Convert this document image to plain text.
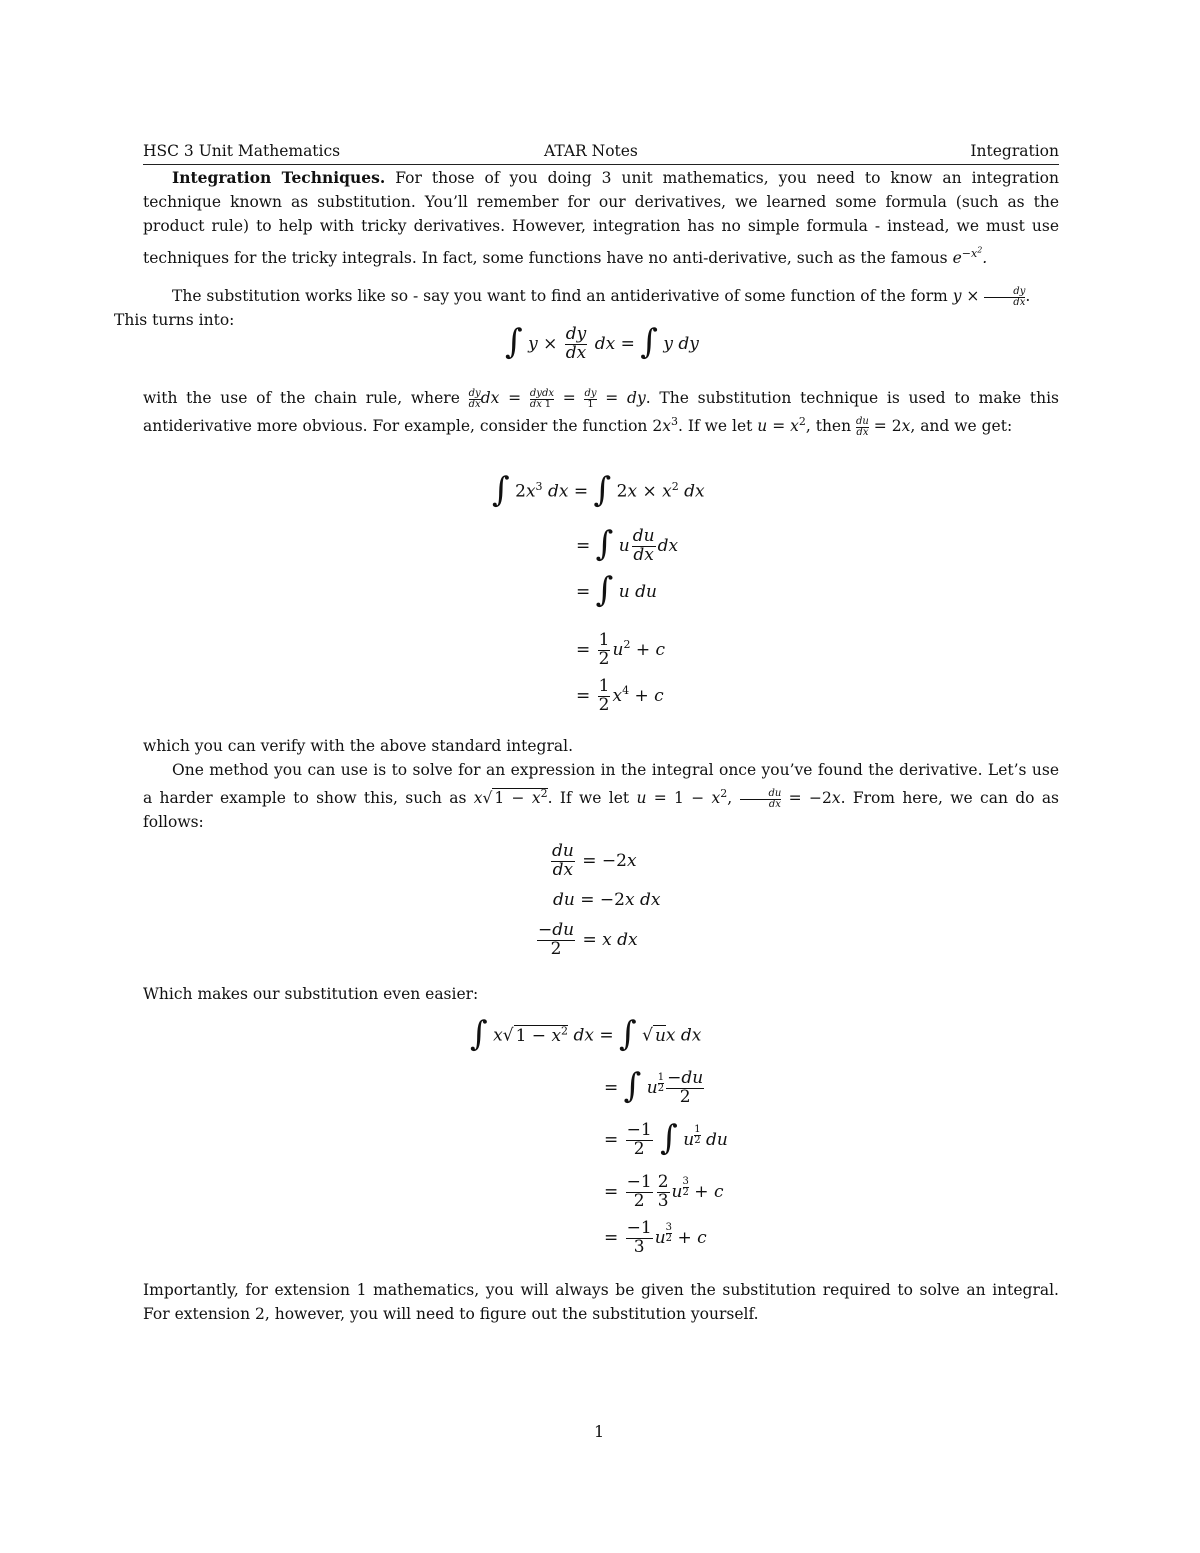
HSC 3 Unit Mathematics	ATAR Notes	Integration

Integration Techniques. For those of you doing 3 unit mathematics, you need to know an integration technique known as substitution. You’ll remember for our derivatives, we learned some formula (such as the product rule) to help with tricky derivatives. However, integration has no simple formula - instead, we must use techniques for the tricky integrals. In fact, some functions have no anti-derivative, such as the famous $e^{-x^2}$.

The substitution works like so - say you want to find an antiderivative of some function of the form $y \times \frac{dy}{dx}$ .
This turns into:

∫ $y \times \frac{dy}{dx}$ dx = ∫ y dy

with the use of the chain rule, where $\frac{dy}{dx}$ dx = $\frac{dy}{dx} \frac{dx}{1} = \frac{dy}{1}$ = dy. The substitution technique is used to make this antiderivative more obvious. For example, consider the function $2x^3$. If we let $u = x^2$, then $\frac{du}{dx} = 2x$, and we get:

∫ $2x^3$ dx = ∫ $2x \times x^2$ dx
= ∫ u $\frac{du}{dx}$ dx
= ∫ u du
= $\frac{1}{2} u^2 + c$
= $\frac{1}{2} x^4 + c$

which you can verify with the above standard integral.

One method you can use is to solve for an expression in the integral once you’ve found the derivative. Let’s use a harder example to show this, such as x√ $1 - x^2$. If we let $u = 1 - x^2$, $\frac{du}{dx} = -2x$. From here, we can do as follows:

$\frac{du}{dx} = -2x$
du = −2x dx
$\frac{-du}{2} = x$ dx

Which makes our substitution even easier:

∫ x√ $1 - x^2$ dx = ∫ √ ux dx
= ∫ u $^{\frac{1}{2}} \frac{-du}{2}$
= $\frac{-1}{2}$ ∫ u $^{\frac{1}{2}}$ du
= $\frac{-1}{2} \frac{2}{3}$ u $^{\frac{3}{2}}$ + c
= $\frac{-1}{3}$ u $^{\frac{3}{2}}$ + c

Importantly, for extension 1 mathematics, you will always be given the substitution required to solve an integral. For extension 2, however, you will need to figure out the substitution yourself.

1
